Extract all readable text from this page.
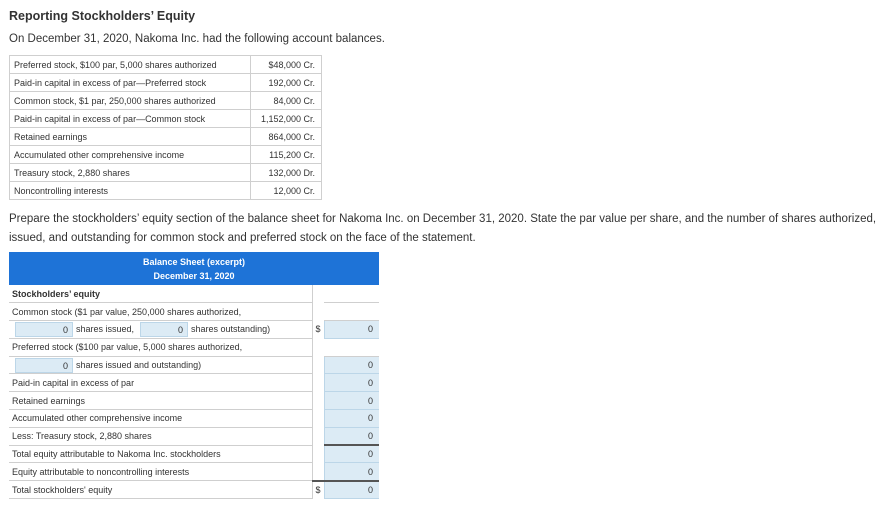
Reporting Stockholders’ Equity
On December 31, 2020, Nakoma Inc. had the following account balances.
Preferred stock, $100 par, 5,000 shares authorized	$48,000 Cr.
Paid-in capital in excess of par—Preferred stock	192,000 Cr.
Common stock, $1 par, 250,000 shares authorized	84,000 Cr.
Paid-in capital in excess of par—Common stock	1,152,000 Cr.
Retained earnings	864,000 Cr.
Accumulated other comprehensive income	115,200 Cr.
Treasury stock, 2,880 shares	132,000 Dr.
Noncontrolling interests	12,000 Cr.
Prepare the stockholders’ equity section of the balance sheet for Nakoma Inc. on December 31, 2020. State the par value per share, and the number of shares authorized, issued, and outstanding for common stock and preferred stock on the face of the statement.
Balance Sheet (excerpt)
December 31, 2020
Stockholders’ equity		
Common stock ($1 par value, 250,000 shares authorized,		

0 shares issued, 0 shares outstanding)	$	0
Preferred stock ($100 par value, 5,000 shares authorized,		

0 shares issued and outstanding)		0
Paid-in capital in excess of par		0
Retained earnings		0
Accumulated other comprehensive income		0
Less: Treasury stock, 2,880 shares		0
Total equity attributable to Nakoma Inc. stockholders		0
Equity attributable to noncontrolling interests		0
Total stockholders' equity	$	0
